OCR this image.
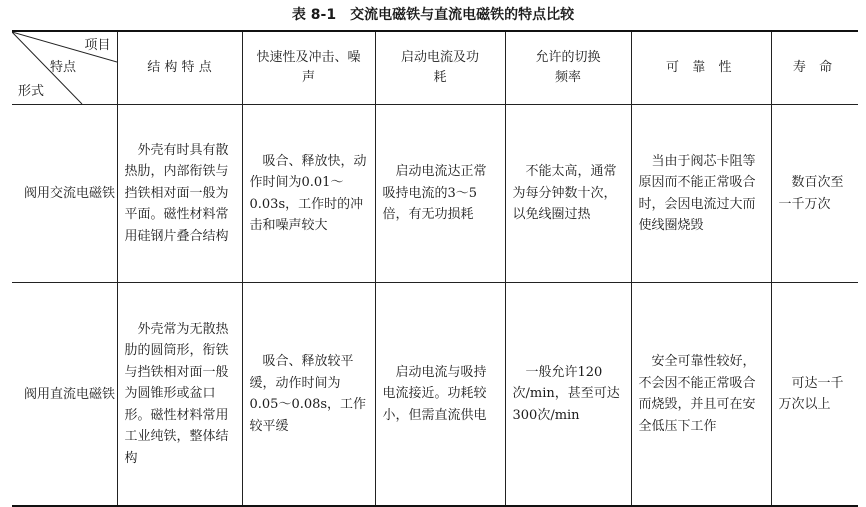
表 8-1　交流电磁铁与直流电磁铁的特点比较
项目
特点
形式	结 构 特 点	快速性及冲击、噪声	启动电流及功耗	允许的切换频率	可 靠 性	寿 命
阀用交流电磁铁	　外壳有时具有散热肋，内部衔铁与挡铁相对面一般为平面。磁性材料常用硅钢片叠合结构	　吸合、释放快，动作时间为0.01～0.03s，工作时的冲击和噪声较大	　启动电流达正常吸持电流的3～5倍，有无功损耗	　不能太高，通常为每分钟数十次，以免线圈过热	　当由于阀芯卡阻等原因而不能正常吸合时，会因电流过大而使线圈烧毁	　数百次至一千万次
阀用直流电磁铁	　外壳常为无散热肋的圆筒形，衔铁与挡铁相对面一般为圆锥形或盆口形。磁性材料常用工业纯铁，整体结构	　吸合、释放较平缓，动作时间为0.05～0.08s，工作较平缓	　启动电流与吸持电流接近。功耗较小，但需直流供电	　一般允许120次/min，甚至可达300次/min	　安全可靠性较好，不会因不能正常吸合而烧毁，并且可在安全低压下工作	　可达一千万次以上
